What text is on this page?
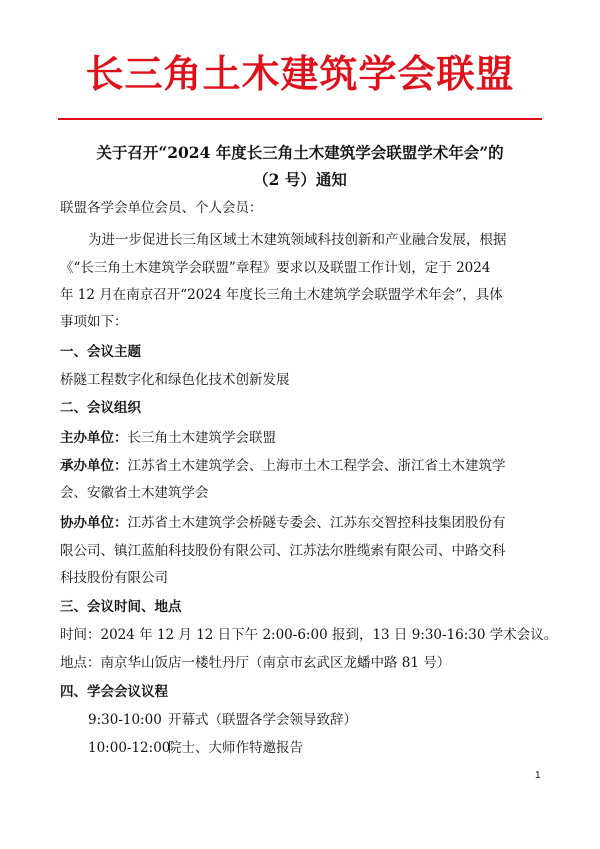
长三角土木建筑学会联盟
关于召开“2024 年度长三角土木建筑学会联盟学术年会”的
（2 号）通知
联盟各学会单位会员、个人会员：
为进一步促进长三角区域土木建筑领域科技创新和产业融合发展，根据
《“长三角土木建筑学会联盟”章程》要求以及联盟工作计划，定于 2024
年 12 月在南京召开“2024 年度长三角土木建筑学会联盟学术年会”，具体
事项如下：
一、会议主题
桥隧工程数字化和绿色化技术创新发展
二、会议组织
主办单位：长三角土木建筑学会联盟
承办单位：江苏省土木建筑学会、上海市土木工程学会、浙江省土木建筑学
会、安徽省土木建筑学会
协办单位：江苏省土木建筑学会桥隧专委会、江苏东交智控科技集团股份有
限公司、镇江蓝舶科技股份有限公司、江苏法尔胜缆索有限公司、中路交科
科技股份有限公司
三、会议时间、地点
时间：2024 年 12 月 12 日下午 2:00-6:00 报到，13 日 9:30-16:30 学术会议。
地点：南京华山饭店一楼牡丹厅（南京市玄武区龙蟠中路 81 号）
四、学会会议议程
9:30-10:00 开幕式（联盟各学会领导致辞）
10:00-12:00院士、大师作特邀报告
1
